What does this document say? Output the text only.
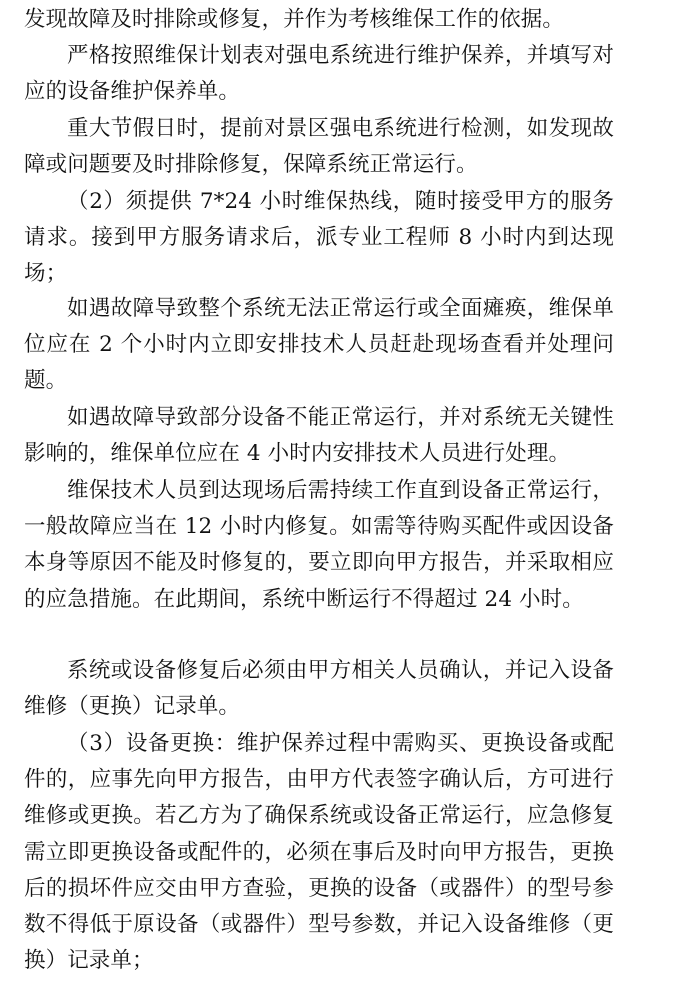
发现故障及时排除或修复，并作为考核维保工作的依据。

严格按照维保计划表对强电系统进行维护保养，并填写对应的设备维护保养单。

重大节假日时，提前对景区强电系统进行检测，如发现故障或问题要及时排除修复，保障系统正常运行。

（2）须提供 7*24 小时维保热线，随时接受甲方的服务请求。接到甲方服务请求后，派专业工程师 8 小时内到达现场；

如遇故障导致整个系统无法正常运行或全面瘫痪，维保单位应在 2 个小时内立即安排技术人员赶赴现场查看并处理问题。

如遇故障导致部分设备不能正常运行，并对系统无关键性影响的，维保单位应在 4 小时内安排技术人员进行处理。

维保技术人员到达现场后需持续工作直到设备正常运行，一般故障应当在 12 小时内修复。如需等待购买配件或因设备本身等原因不能及时修复的，要立即向甲方报告，并采取相应的应急措施。在此期间，系统中断运行不得超过 24 小时。

系统或设备修复后必须由甲方相关人员确认，并记入设备维修（更换）记录单。

（3）设备更换：维护保养过程中需购买、更换设备或配件的，应事先向甲方报告，由甲方代表签字确认后，方可进行维修或更换。若乙方为了确保系统或设备正常运行，应急修复需立即更换设备或配件的，必须在事后及时向甲方报告，更换后的损坏件应交由甲方查验，更换的设备（或器件）的型号参数不得低于原设备（或器件）型号参数，并记入设备维修（更换）记录单；
